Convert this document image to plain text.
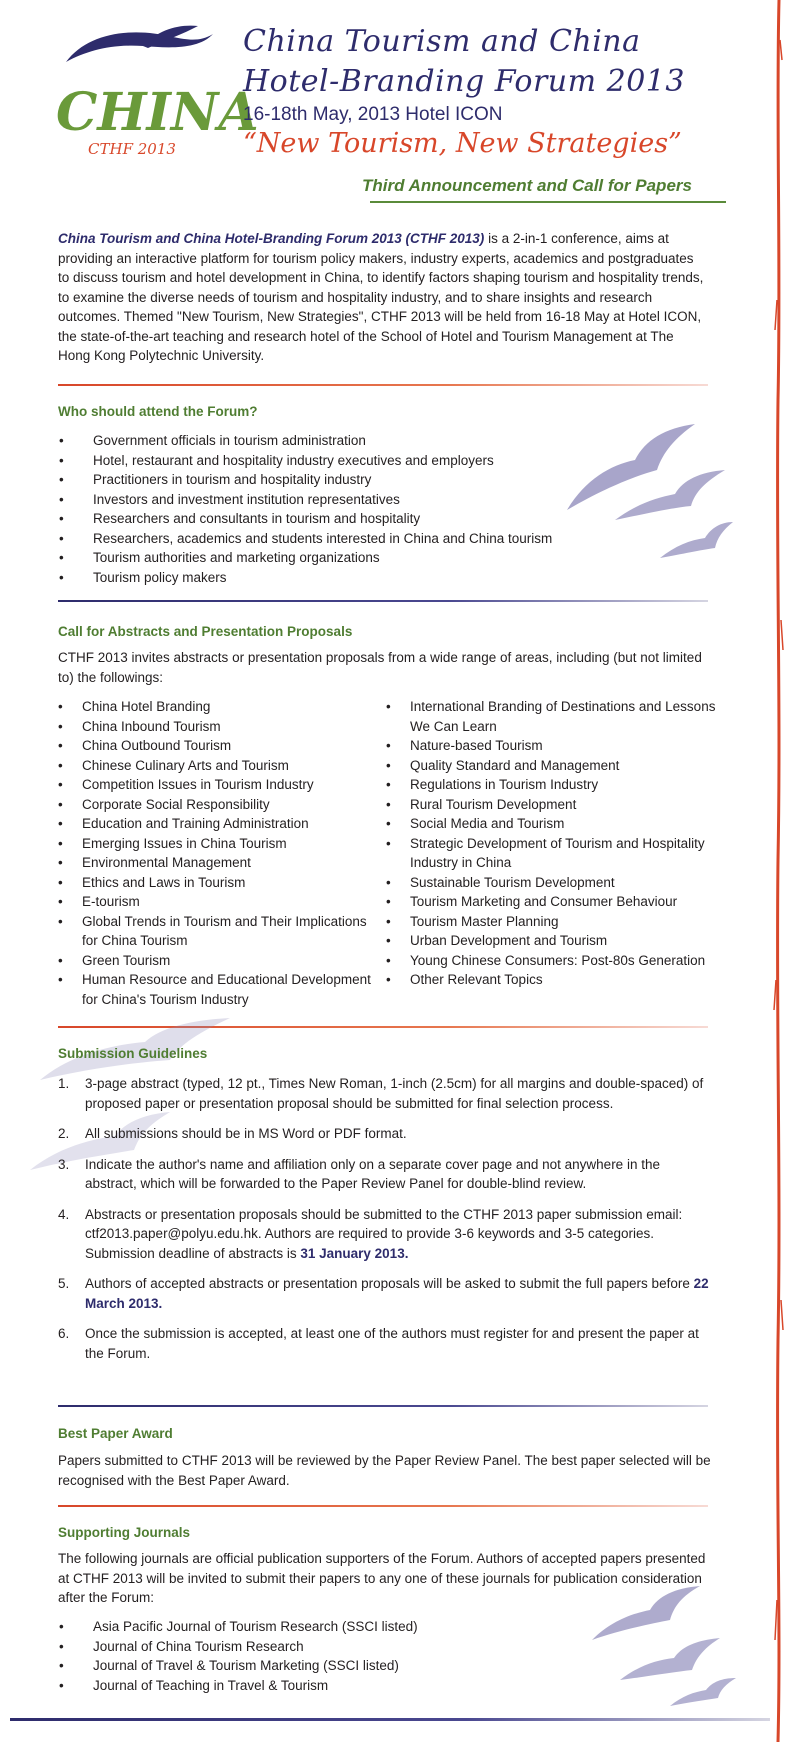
CHINA
CTHF 2013
China Tourism and China
Hotel-Branding Forum 2013
16-18th May, 2013 Hotel ICON
“New Tourism, New Strategies”
Third Announcement and Call for Papers
China Tourism and China Hotel-Branding Forum 2013 (CTHF 2013) is a 2-in-1 conference, aims at providing an interactive platform for tourism policy makers, industry experts, academics and postgraduates to discuss tourism and hotel development in China, to identify factors shaping tourism and hospitality trends, to examine the diverse needs of tourism and hospitality industry, and to share insights and research outcomes. Themed "New Tourism, New Strategies", CTHF 2013 will be held from 16-18 May at Hotel ICON, the state-of-the-art teaching and research hotel of the School of Hotel and Tourism Management at The Hong Kong Polytechnic University.
Who should attend the Forum?
• Government officials in tourism administration
• Hotel, restaurant and hospitality industry executives and employers
• Practitioners in tourism and hospitality industry
• Investors and investment institution representatives
• Researchers and consultants in tourism and hospitality
• Researchers, academics and students interested in China and China tourism
• Tourism authorities and marketing organizations
• Tourism policy makers
Call for Abstracts and Presentation Proposals
CTHF 2013 invites abstracts or presentation proposals from a wide range of areas, including (but not limited to) the followings:
• China Hotel Branding
• China Inbound Tourism
• China Outbound Tourism
• Chinese Culinary Arts and Tourism
• Competition Issues in Tourism Industry
• Corporate Social Responsibility
• Education and Training Administration
• Emerging Issues in China Tourism
• Environmental Management
• Ethics and Laws in Tourism
• E-tourism
• Global Trends in Tourism and Their Implications for China Tourism
• Green Tourism
• Human Resource and Educational Development for China's Tourism Industry
• International Branding of Destinations and Lessons We Can Learn
• Nature-based Tourism
• Quality Standard and Management
• Regulations in Tourism Industry
• Rural Tourism Development
• Social Media and Tourism
• Strategic Development of Tourism and Hospitality Industry in China
• Sustainable Tourism Development
• Tourism Marketing and Consumer Behaviour
• Tourism Master Planning
• Urban Development and Tourism
• Young Chinese Consumers: Post-80s Generation
• Other Relevant Topics
Submission Guidelines
1. 3-page abstract (typed, 12 pt., Times New Roman, 1-inch (2.5cm) for all margins and double-spaced) of proposed paper or presentation proposal should be submitted for final selection process.
2. All submissions should be in MS Word or PDF format.
3. Indicate the author's name and affiliation only on a separate cover page and not anywhere in the abstract, which will be forwarded to the Paper Review Panel for double-blind review.
4. Abstracts or presentation proposals should be submitted to the CTHF 2013 paper submission email: ctf2013.paper@polyu.edu.hk. Authors are required to provide 3-6 keywords and 3-5 categories. Submission deadline of abstracts is 31 January 2013.
5. Authors of accepted abstracts or presentation proposals will be asked to submit the full papers before 22 March 2013.
6. Once the submission is accepted, at least one of the authors must register for and present the paper at the Forum.
Best Paper Award
Papers submitted to CTHF 2013 will be reviewed by the Paper Review Panel. The best paper selected will be recognised with the Best Paper Award.
Supporting Journals
The following journals are official publication supporters of the Forum. Authors of accepted papers presented at CTHF 2013 will be invited to submit their papers to any one of these journals for publication consideration after the Forum:
• Asia Pacific Journal of Tourism Research (SSCI listed)
• Journal of China Tourism Research
• Journal of Travel & Tourism Marketing (SSCI listed)
• Journal of Teaching in Travel & Tourism
